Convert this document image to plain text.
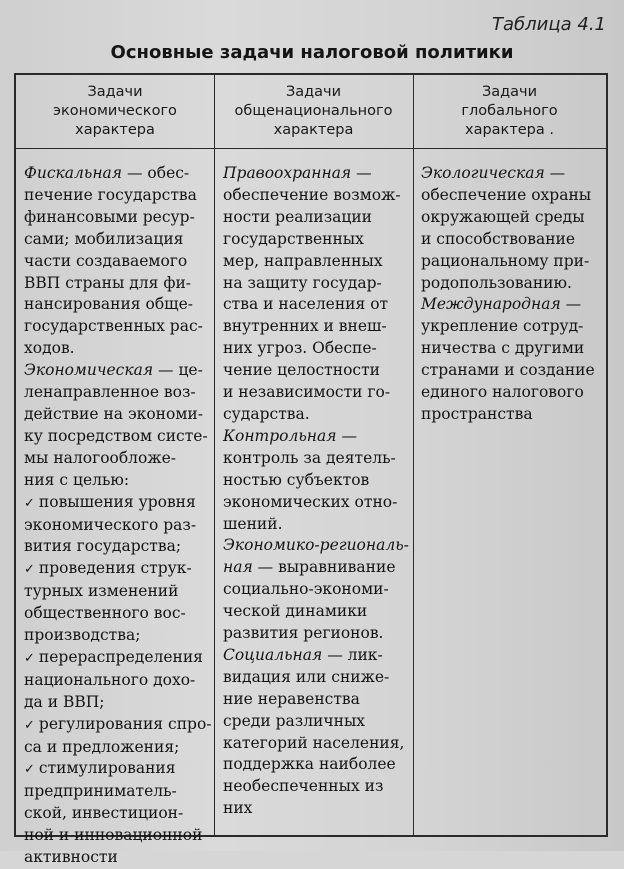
Таблица 4.1
Основные задачи налоговой политики
Задачи
экономического
характера
Задачи
общенационального
характера
Задачи
глобального
характера .
Фискальная — обес-
печение государства
финансовыми ресур-
сами; мобилизация
части создаваемого
ВВП страны для фи-
нансирования обще-
государственных рас-
ходов.
Экономическая — це-
ленаправленное воз-
действие на экономи-
ку посредством систе-
мы налогообложе-
ния с целью:
✓ повышения уровня
экономического раз-
вития государства;
✓ проведения струк-
турных изменений
общественного вос-
производства;
✓ перераспределения
национального дохо-
да и ВВП;
✓ регулирования спро-
са и предложения;
✓ стимулирования
предприниматель-
ской, инвестицион-
ной и инновационной
активности
Правоохранная —
обеспечение возмож-
ности реализации
государственных
мер, направленных
на защиту государ-
ства и населения от
внутренних и внеш-
них угроз. Обеспе-
чение целостности
и независимости го-
сударства.
Контрольная —
контроль за деятель-
ностью субъектов
экономических отно-
шений.
Экономико-региональ-
ная — выравнивание
социально-экономи-
ческой динамики
развития регионов.
Социальная — лик-
видация или сниже-
ние неравенства
среди различных
категорий населения,
поддержка наиболее
необеспеченных из
них
Экологическая —
обеспечение охраны
окружающей среды
и способствование
рациональному при-
родопользованию.
Международная —
укрепление сотруд-
ничества с другими
странами и создание
единого налогового
пространства
